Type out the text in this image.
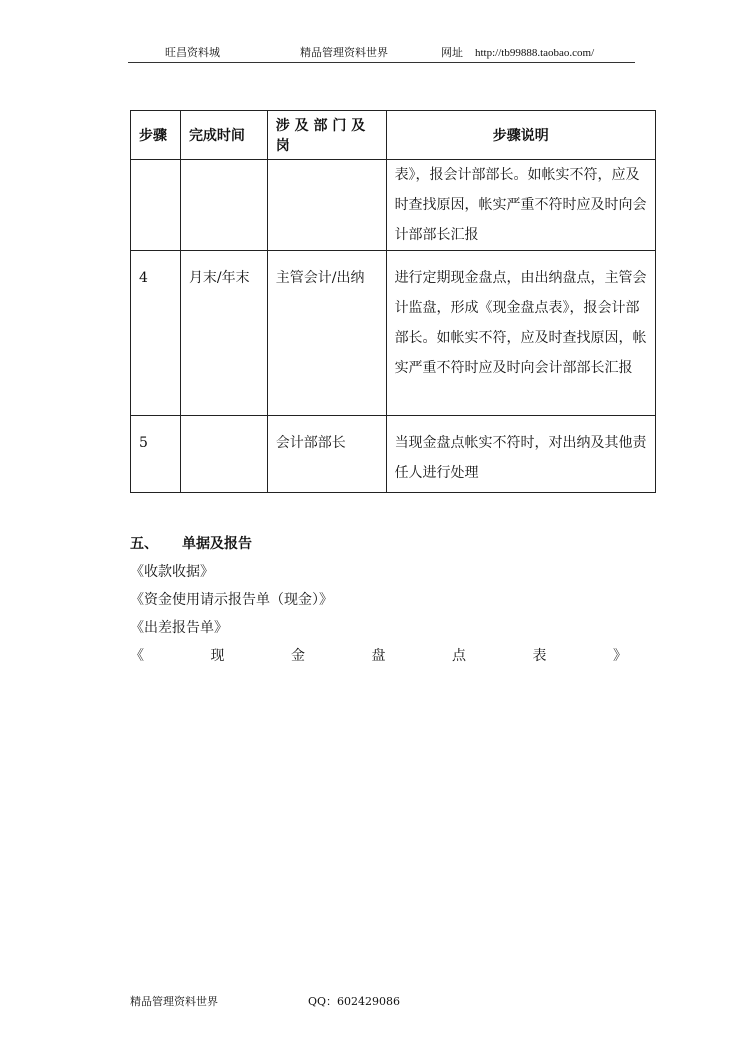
旺昌资料城	精品管理资料世界	网址 http://tb99888.taobao.com/
步骤	完成时间	涉 及 部 门 及 岗	步骤说明
			表》，报会计部部长。如帐实不符，应及时查找原因，帐实严重不符时应及时向会计部部长汇报
4	月末/年末	主管会计/出纳	进行定期现金盘点，由出纳盘点，主管会计监盘，形成《现金盘点表》，报会计部部长。如帐实不符，应及时查找原因，帐实严重不符时应及时向会计部部长汇报
5		会计部部长	当现金盘点帐实不符时，对出纳及其他责任人进行处理
五、 单据及报告
《收款收据》
《资金使用请示报告单（现金）》
《出差报告单》
《	现	金	盘	点	表	》
精品管理资料世界	QQ：602429086
